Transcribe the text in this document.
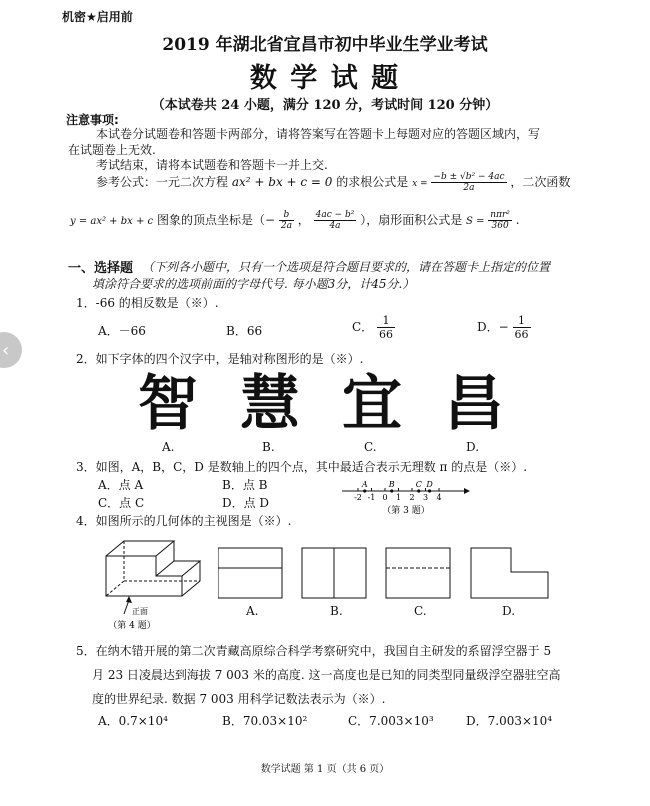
机密★启用前
2019 年湖北省宜昌市初中毕业生学业考试
数 学 试 题
（本试卷共 24 小题，满分 120 分，考试时间 120 分钟）
注意事项:
本试卷分试题卷和答题卡两部分，请将答案写在答题卡上每题对应的答题区域内，写
在试题卷上无效.
考试结束，请将本试题卷和答题卡一并上交.
参考公式：一元二次方程 ax² + bx + c = 0 的求根公式是 $x = \frac{\text{−b ± √b² − 4ac}}{2a}$ ，二次函数
y = ax² + bx + c 图象的顶点坐标是（− $\frac{b}{2a}$ ， $\frac{\text{4ac − b²}}{4a}$ ），扇形面积公式是 $S = \frac{\text{nπr²}}{360}$ .
一、选择题 （下列各小题中，只有一个选项是符合题目要求的，请在答题卡上指定的位置
填涂符合要求的选项前面的字母代号. 每小题3分，计45分.）
1．-66 的相反数是（※）.
A．－66	B．66	C． $\frac{1}{66}$	D．− $\frac{1}{66}$
2．如下字体的四个汉字中，是轴对称图形的是（※）.
智 慧 宜 昌
A.	B.	C.	D.
3．如图，A，B，C，D 是数轴上的四个点，其中最适合表示无理数 π 的点是（※）.
A．点 A	B．点 B
C．点 C	D．点 D	-2 -1 0 1 2 3 4
A	B	C D
（第 3 题）
4．如图所示的几何体的主视图是（※）.
正面
（第 4 题）
A.	B.	C.	D.
5．在纳木错开展的第二次青藏高原综合科学考察研究中，我国自主研发的系留浮空器于 5
月 23 日凌晨达到海拔 7 003 米的高度. 这一高度也是已知的同类型同量级浮空器驻空高
度的世界纪录. 数据 7 003 用科学记数法表示为（※）.
A．0.7×10⁴	B．70.03×10²	C．7.003×10³	D．7.003×10⁴
数学试题 第 1 页（共 6 页）
‹
